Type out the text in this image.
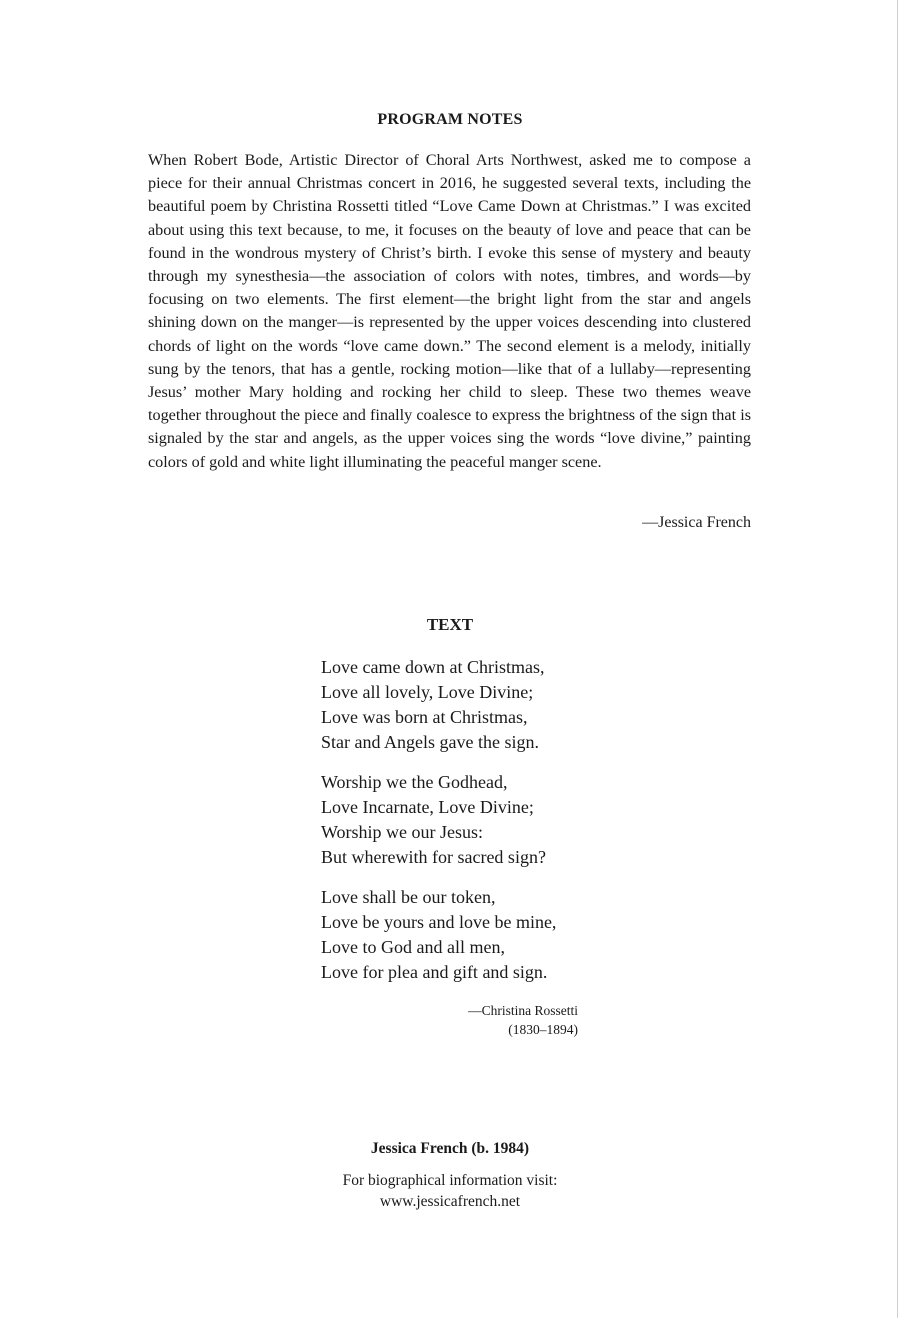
PROGRAM NOTES

When Robert Bode, Artistic Director of Choral Arts Northwest, asked me to compose a piece for their annual Christmas concert in 2016, he suggested several texts, including the beautiful poem by Christina Rossetti titled “Love Came Down at Christmas.” I was excited about using this text because, to me, it focuses on the beauty of love and peace that can be found in the wondrous mystery of Christ’s birth. I evoke this sense of mystery and beauty through my synesthesia—the association of colors with notes, timbres, and words—by focusing on two elements. The first element—the bright light from the star and angels shining down on the manger—is represented by the upper voices descending into clustered chords of light on the words “love came down.” The second element is a melody, initially sung by the tenors, that has a gentle, rocking motion—like that of a lullaby—representing Jesus’ mother Mary holding and rocking her child to sleep. These two themes weave together throughout the piece and finally coalesce to express the brightness of the sign that is signaled by the star and angels, as the upper voices sing the words “love divine,” painting colors of gold and white light illuminating the peaceful manger scene.

—Jessica French
TEXT
Love came down at Christmas,
Love all lovely, Love Divine;
Love was born at Christmas,
Star and Angels gave the sign.
Worship we the Godhead,
Love Incarnate, Love Divine;
Worship we our Jesus:
But wherewith for sacred sign?
Love shall be our token,
Love be yours and love be mine,
Love to God and all men,
Love for plea and gift and sign.
—Christina Rossetti
(1830–1894)
Jessica French (b. 1984)
For biographical information visit:
www.jessicafrench.net
